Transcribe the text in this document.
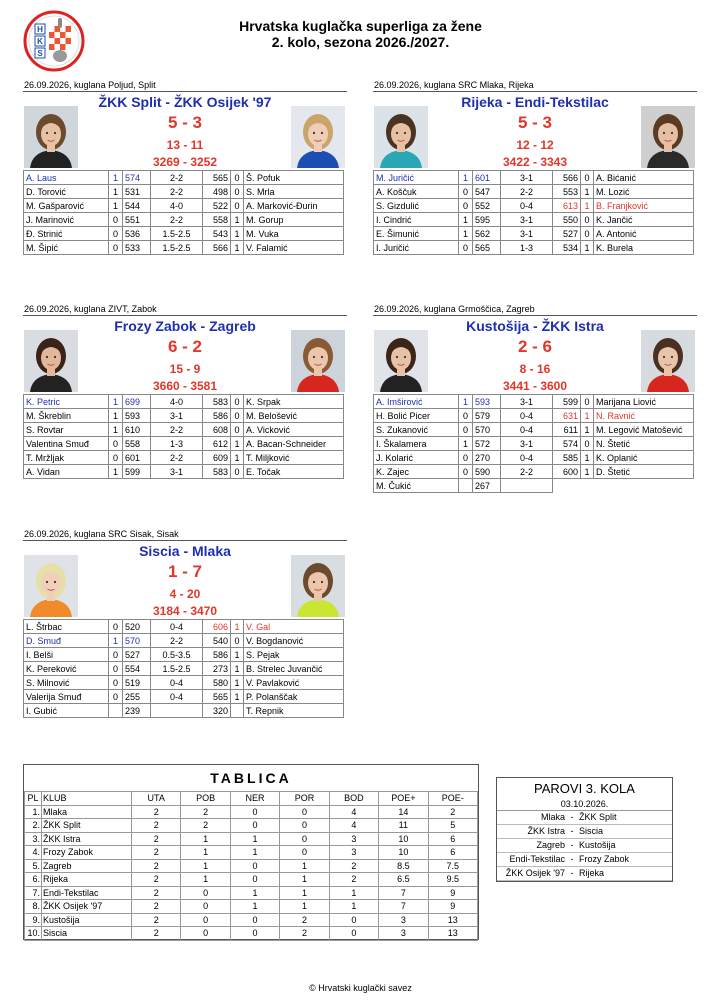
H
K
S
Hrvatska kuglačka superliga za žene
2. kolo, sezona 2026./2027.
26.09.2026, kuglana Poljud, Split
ŽKK Split - ŽKK Osijek '97
5 - 3
13 - 11
3269 - 3252
A. Laus	1	574	2-2	565	0	Š. Pofuk
D. Torović	1	531	2-2	498	0	S. Mrla
M. Gašparović	1	544	4-0	522	0	A. Marković-Đurin
J. Marinović	0	551	2-2	558	1	M. Gorup
Đ. Strinić	0	536	1.5-2.5	543	1	M. Vuka
M. Šipić	0	533	1.5-2.5	566	1	V. Falamić
26.09.2026, kuglana SRC Mlaka, Rijeka
Rijeka - Endi-Tekstilac
5 - 3
12 - 12
3422 - 3343
M. Juričić	1	601	3-1	566	0	A. Bićanić
A. Koščuk	0	547	2-2	553	1	M. Lozić
S. Gizdulić	0	552	0-4	613	1	B. Franjković
I. Cindrić	1	595	3-1	550	0	K. Jančić
E. Šimunić	1	562	3-1	527	0	A. Antonić
I. Juričić	0	565	1-3	534	1	K. Burela
26.09.2026, kuglana ZIVT, Zabok
Frozy Zabok - Zagreb
6 - 2
15 - 9
3660 - 3581
K. Petric	1	699	4-0	583	0	K. Srpak
M. Škreblin	1	593	3-1	586	0	M. Belošević
S. Rovtar	1	610	2-2	608	0	A. Vicković
Valentina Smuđ	0	558	1-3	612	1	A. Bacan-Schneider
T. Mržljak	0	601	2-2	609	1	T. Miljković
A. Vidan	1	599	3-1	583	0	E. Točak
26.09.2026, kuglana Grmoščica, Zagreb
Kustošija - ŽKK Istra
2 - 6
8 - 16
3441 - 3600
A. Imširović	1	593	3-1	599	0	Marijana Liović
H. Bolić Picer	0	579	0-4	631	1	N. Ravnić
S. Zukanović	0	570	0-4	611	1	M. Legović Matošević
I. Škalamera	1	572	3-1	574	0	N. Štetić
J. Kolarić	0	270	0-4	585	1	K. Oplanić
K. Zajec	0	590	2-2	600	1	D. Štetić
M. Čukić		267				
26.09.2026, kuglana SRC Sisak, Sisak
Siscia - Mlaka
1 - 7
4 - 20
3184 - 3470
L. Štrbac	0	520	0-4	606	1	V. Gal
D. Smuđ	1	570	2-2	540	0	V. Bogdanović
I. Belši	0	527	0.5-3.5	586	1	S. Pejak
K. Pereković	0	554	1.5-2.5	273	1	B. Strelec Juvančić
S. Milnović	0	519	0-4	580	1	V. Pavlaković
Valerija Smuđ	0	255	0-4	565	1	P. Polanščak
I. Gubić		239		320		T. Repnik
TABLICA
PL	KLUB	UTA	POB	NER	POR	BOD	POE+	POE-
1.	Mlaka	2	2	0	0	4	14	2
2.	ŽKK Split	2	2	0	0	4	11	5
3.	ŽKK Istra	2	1	1	0	3	10	6
4.	Frozy Zabok	2	1	1	0	3	10	6
5.	Zagreb	2	1	0	1	2	8.5	7.5
6.	Rijeka	2	1	0	1	2	6.5	9.5
7.	Endi-Tekstilac	2	0	1	1	1	7	9
8.	ŽKK Osijek '97	2	0	1	1	1	7	9
9.	Kustošija	2	0	0	2	0	3	13
10.	Siscia	2	0	0	2	0	3	13
PAROVI 3. KOLA
03.10.2026.
Mlaka	-	ŽKK Split
ŽKK Istra	-	Siscia
Zagreb	-	Kustošija
Endi-Tekstilac	-	Frozy Zabok
ŽKK Osijek '97	-	Rijeka
© Hrvatski kuglački savez
